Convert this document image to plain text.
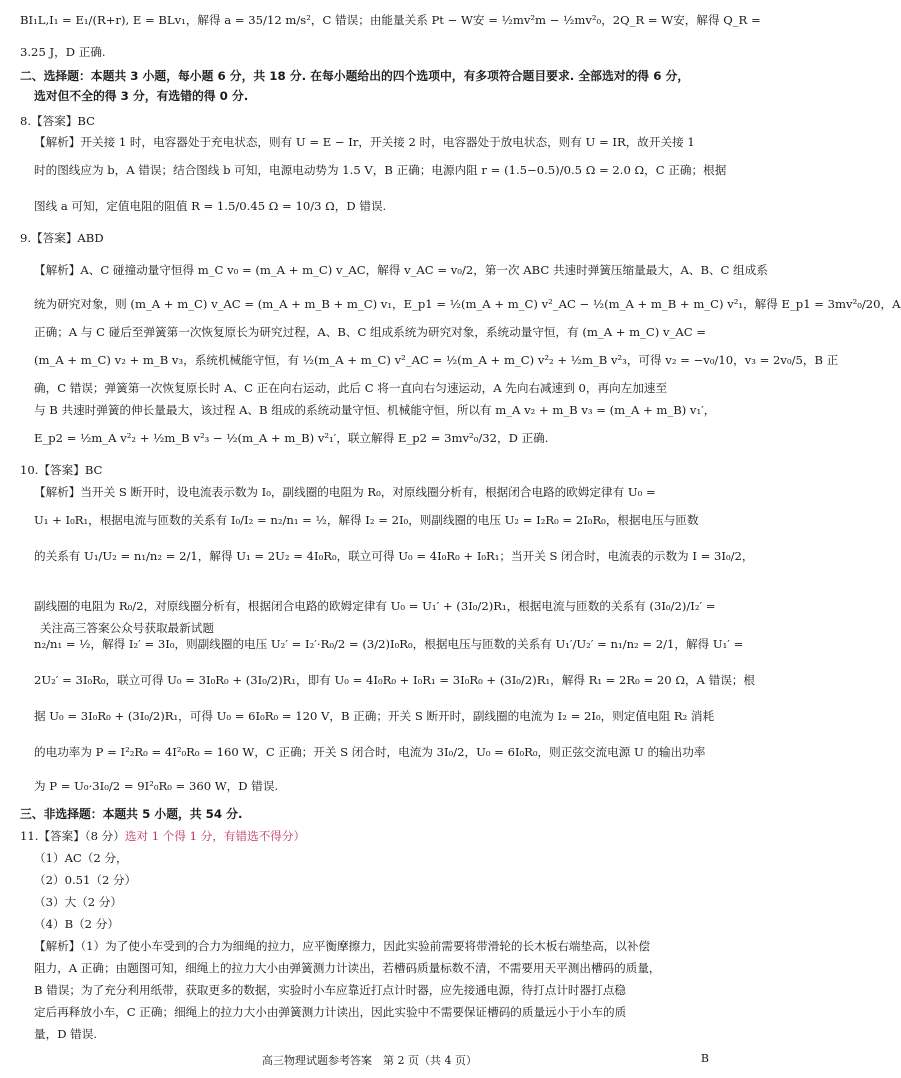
BI₁L,I₁ = E₁/(R+r), E = BLv₁，解得 a = 35/12 m/s²，C 错误；由能量关系 Pt − W安 = ½mv²m − ½mv²₀，2Q_R = W安，解得 Q_R =
3.25 J，D 正确.
二、选择题：本题共 3 小题，每小题 6 分，共 18 分. 在每小题给出的四个选项中，有多项符合题目要求. 全部选对的得 6 分，
选对但不全的得 3 分，有选错的得 0 分.
8.【答案】BC
【解析】开关接 1 时，电容器处于充电状态，则有 U = E − Ir，开关接 2 时，电容器处于放电状态，则有 U = IR，故开关接 1
时的图线应为 b，A 错误；结合图线 b 可知，电源电动势为 1.5 V，B 正确；电源内阻 r = (1.5−0.5)/0.5 Ω = 2.0 Ω，C 正确；根据
图线 a 可知，定值电阻的阻值 R = 1.5/0.45 Ω = 10/3 Ω，D 错误.
9.【答案】ABD
【解析】A、C 碰撞动量守恒得 m_C v₀ = (m_A + m_C) v_AC，解得 v_AC = v₀/2，第一次 ABC 共速时弹簧压缩量最大，A、B、C 组成系
统为研究对象，则 (m_A + m_C) v_AC = (m_A + m_B + m_C) v₁，E_p1 = ½(m_A + m_C) v²_AC − ½(m_A + m_B + m_C) v²₁，解得 E_p1 = 3mv²₀/20，A
正确；A 与 C 碰后至弹簧第一次恢复原长为研究过程，A、B、C 组成系统为研究对象，系统动量守恒，有 (m_A + m_C) v_AC =
(m_A + m_C) v₂ + m_B v₃，系统机械能守恒，有 ½(m_A + m_C) v²_AC = ½(m_A + m_C) v²₂ + ½m_B v²₃，可得 v₂ = −v₀/10，v₃ = 2v₀/5，B 正
确，C 错误；弹簧第一次恢复原长时 A、C 正在向右运动，此后 C 将一直向右匀速运动，A 先向右减速到 0，再向左加速至
与 B 共速时弹簧的伸长量最大，该过程 A、B 组成的系统动量守恒、机械能守恒，所以有 m_A v₂ + m_B v₃ = (m_A + m_B) v₁′，
E_p2 = ½m_A v²₂ + ½m_B v²₃ − ½(m_A + m_B) v²₁′，联立解得 E_p2 = 3mv²₀/32，D 正确.
10.【答案】BC
【解析】当开关 S 断开时，设电流表示数为 I₀，副线圈的电阻为 R₀，对原线圈分析有，根据闭合电路的欧姆定律有 U₀ =
U₁ + I₀R₁，根据电流与匝数的关系有 I₀/I₂ = n₂/n₁ = ½，解得 I₂ = 2I₀，则副线圈的电压 U₂ = I₂R₀ = 2I₀R₀，根据电压与匝数
的关系有 U₁/U₂ = n₁/n₂ = 2/1，解得 U₁ = 2U₂ = 4I₀R₀，联立可得 U₀ = 4I₀R₀ + I₀R₁；当开关 S 闭合时，电流表的示数为 I = 3I₀/2，
副线圈的电阻为 R₀/2，对原线圈分析有，根据闭合电路的欧姆定律有 U₀ = U₁′ + (3I₀/2)R₁，根据电流与匝数的关系有 (3I₀/2)/I₂′ =
关注高三答案公众号获取最新试题
n₂/n₁ = ½，解得 I₂′ = 3I₀，则副线圈的电压 U₂′ = I₂′·R₀/2 = (3/2)I₀R₀，根据电压与匝数的关系有 U₁′/U₂′ = n₁/n₂ = 2/1，解得 U₁′ =
2U₂′ = 3I₀R₀，联立可得 U₀ = 3I₀R₀ + (3I₀/2)R₁，即有 U₀ = 4I₀R₀ + I₀R₁ = 3I₀R₀ + (3I₀/2)R₁，解得 R₁ = 2R₀ = 20 Ω，A 错误；根
据 U₀ = 3I₀R₀ + (3I₀/2)R₁，可得 U₀ = 6I₀R₀ = 120 V，B 正确；开关 S 断开时，副线圈的电流为 I₂ = 2I₀，则定值电阻 R₂ 消耗
的电功率为 P = I²₂R₀ = 4I²₀R₀ = 160 W，C 正确；开关 S 闭合时，电流为 3I₀/2，U₀ = 6I₀R₀，则正弦交流电源 U 的输出功率
为 P = U₀·3I₀/2 = 9I²₀R₀ = 360 W，D 错误.
三、非选择题：本题共 5 小题，共 54 分.
11.【答案】（8 分）选对 1 个得 1 分，有错选不得分）
（1）AC（2 分，
（2）0.51（2 分）
（3）大（2 分）
（4）B（2 分）
【解析】（1）为了使小车受到的合力为细绳的拉力，应平衡摩擦力，因此实验前需要将带滑轮的长木板右端垫高，以补偿
阻力，A 正确；由题图可知，细绳上的拉力大小由弹簧测力计读出，若槽码质量标数不清，不需要用天平测出槽码的质量，
B 错误；为了充分利用纸带，获取更多的数据，实验时小车应靠近打点计时器，应先接通电源，待打点计时器打点稳
定后再释放小车，C 正确；细绳上的拉力大小由弹簧测力计读出，因此实验中不需要保证槽码的质量远小于小车的质
量，D 错误.
高三物理试题参考答案　第 2 页（共 4 页）	B
